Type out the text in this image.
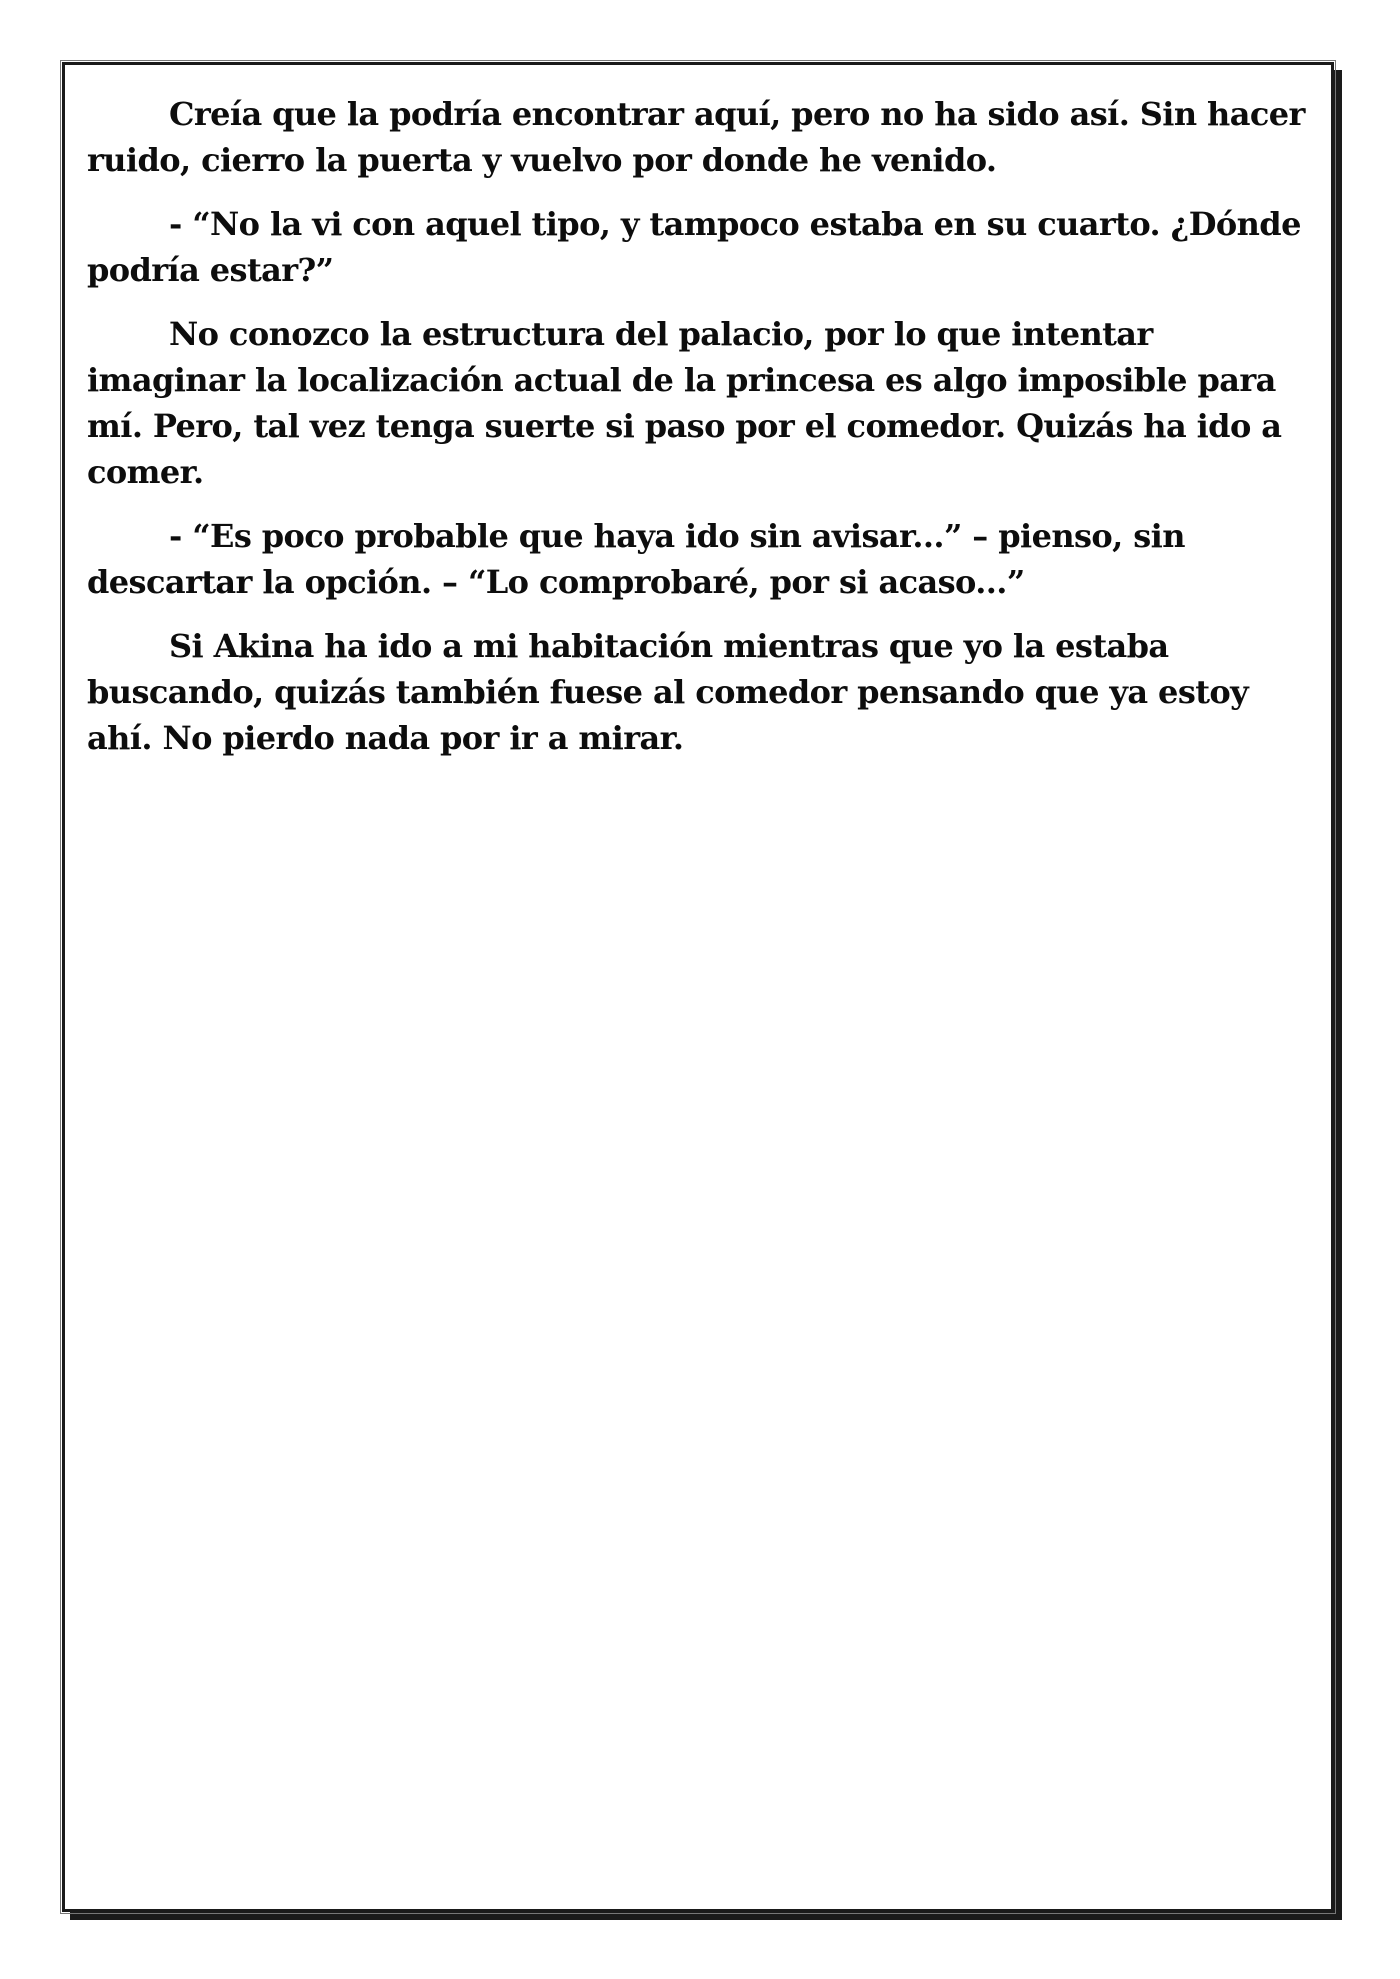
Creía que la podría encontrar aquí, pero no ha sido así. Sin hacer ruido, cierro la puerta y vuelvo por donde he venido.

- “No la vi con aquel tipo, y tampoco estaba en su cuarto. ¿Dónde podría estar?”

No conozco la estructura del palacio, por lo que intentar imaginar la localización actual de la princesa es algo imposible para mí. Pero, tal vez tenga suerte si paso por el comedor. Quizás ha ido a comer.

- “Es poco probable que haya ido sin avisar...” – pienso, sin descartar la opción. – “Lo comprobaré, por si acaso...”

Si Akina ha ido a mi habitación mientras que yo la estaba buscando, quizás también fuese al comedor pensando que ya estoy ahí. No pierdo nada por ir a mirar.
